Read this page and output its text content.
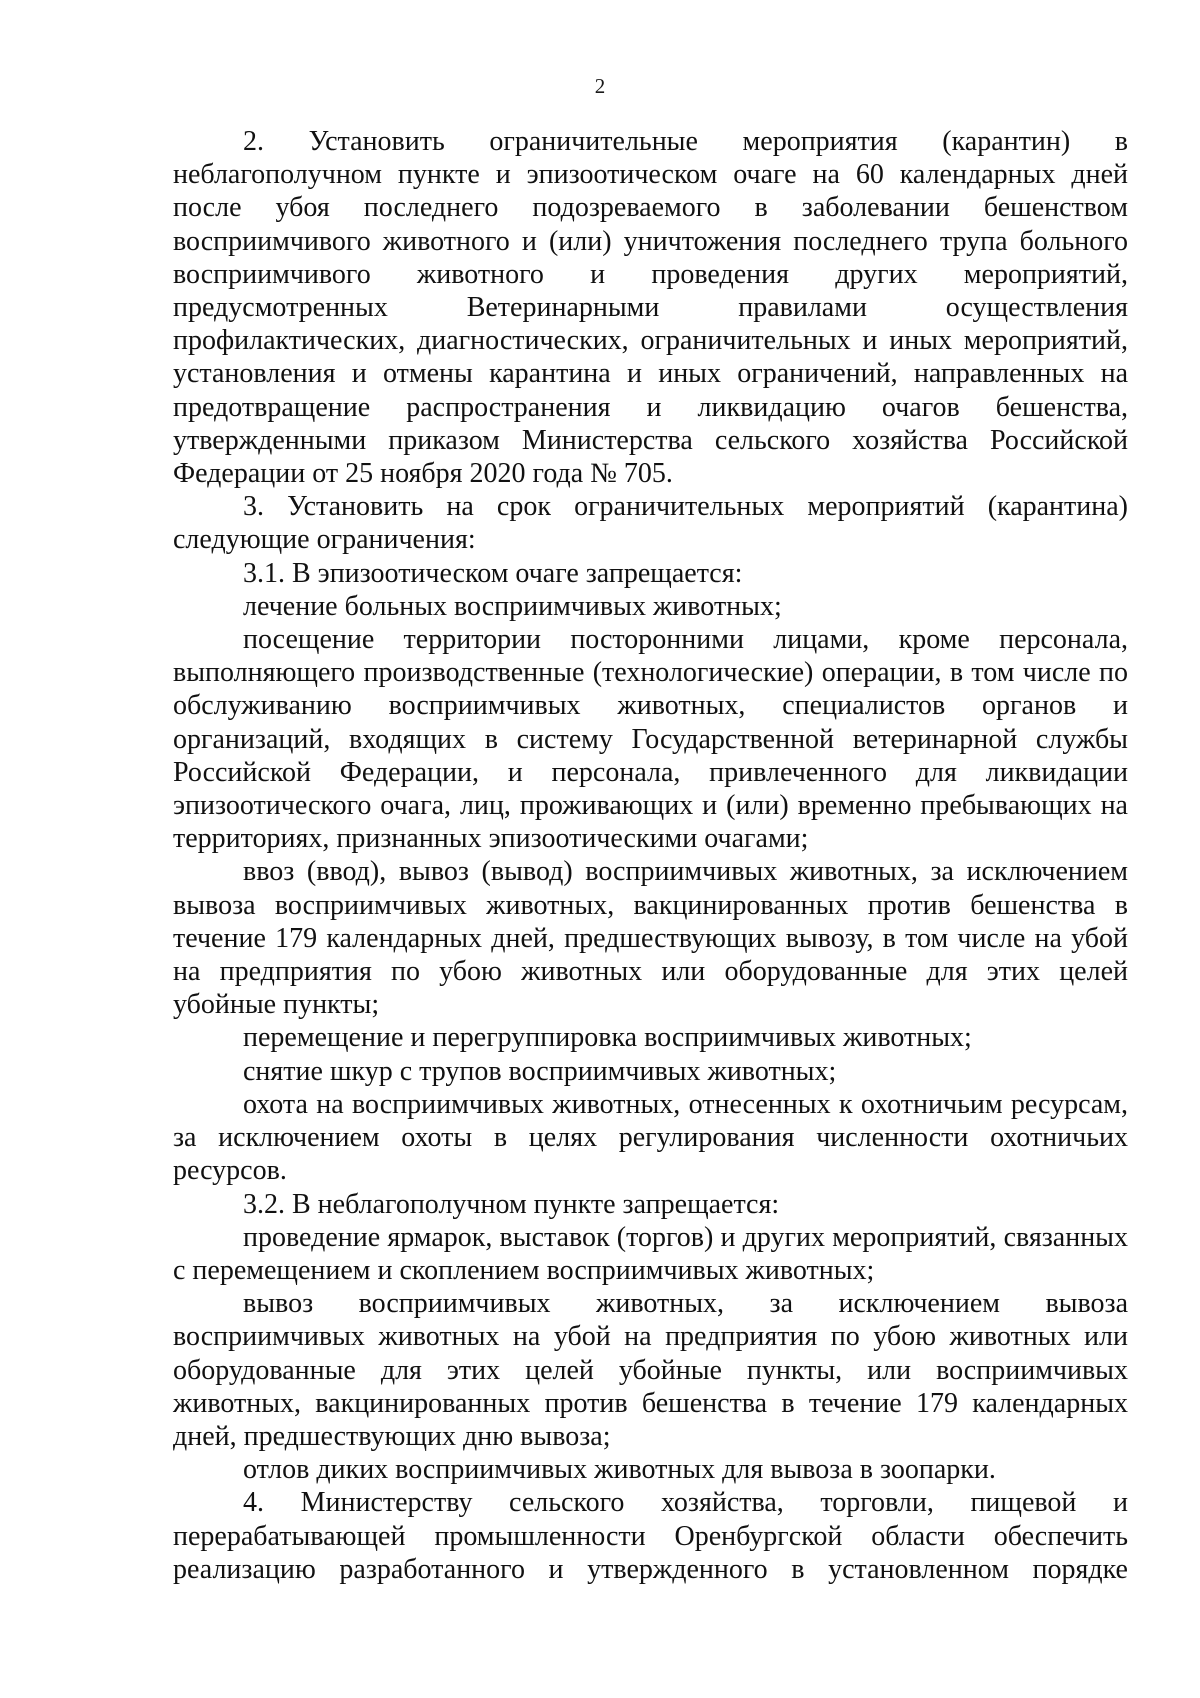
2

2. Установить ограничительные мероприятия (карантин) в неблагополучном пункте и эпизоотическом очаге на 60 календарных дней после убоя последнего подозреваемого в заболевании бешенством восприимчивого животного и (или) уничтожения последнего трупа больного восприимчивого животного и проведения других мероприятий, предусмотренных Ветеринарными правилами осуществления профилактических, диагностических, ограничительных и иных мероприятий, установления и отмены карантина и иных ограничений, направленных на предотвращение распространения и ликвидацию очагов бешенства, утвержденными приказом Министерства сельского хозяйства Российской Федерации от 25 ноября 2020 года № 705.

3. Установить на срок ограничительных мероприятий (карантина) следующие ограничения:

3.1. В эпизоотическом очаге запрещается:

лечение больных восприимчивых животных;

посещение территории посторонними лицами, кроме персонала, выполняющего производственные (технологические) операции, в том числе по обслуживанию восприимчивых животных, специалистов органов и организаций, входящих в систему Государственной ветеринарной службы Российской Федерации, и персонала, привлеченного для ликвидации эпизоотического очага, лиц, проживающих и (или) временно пребывающих на территориях, признанных эпизоотическими очагами;

ввоз (ввод), вывоз (вывод) восприимчивых животных, за исключением вывоза восприимчивых животных, вакцинированных против бешенства в течение 179 календарных дней, предшествующих вывозу, в том числе на убой на предприятия по убою животных или оборудованные для этих целей убойные пункты;

перемещение и перегруппировка восприимчивых животных;

снятие шкур с трупов восприимчивых животных;

охота на восприимчивых животных, отнесенных к охотничьим ресурсам, за исключением охоты в целях регулирования численности охотничьих ресурсов.

3.2. В неблагополучном пункте запрещается:

проведение ярмарок, выставок (торгов) и других мероприятий, связанных с перемещением и скоплением восприимчивых животных;

вывоз восприимчивых животных, за исключением вывоза восприимчивых животных на убой на предприятия по убою животных или оборудованные для этих целей убойные пункты, или восприимчивых животных, вакцинированных против бешенства в течение 179 календарных дней, предшествующих дню вывоза;

отлов диких восприимчивых животных для вывоза в зоопарки.

4. Министерству сельского хозяйства, торговли, пищевой и перерабатывающей промышленности Оренбургской области обеспечить реализацию разработанного и утвержденного в установленном порядке
